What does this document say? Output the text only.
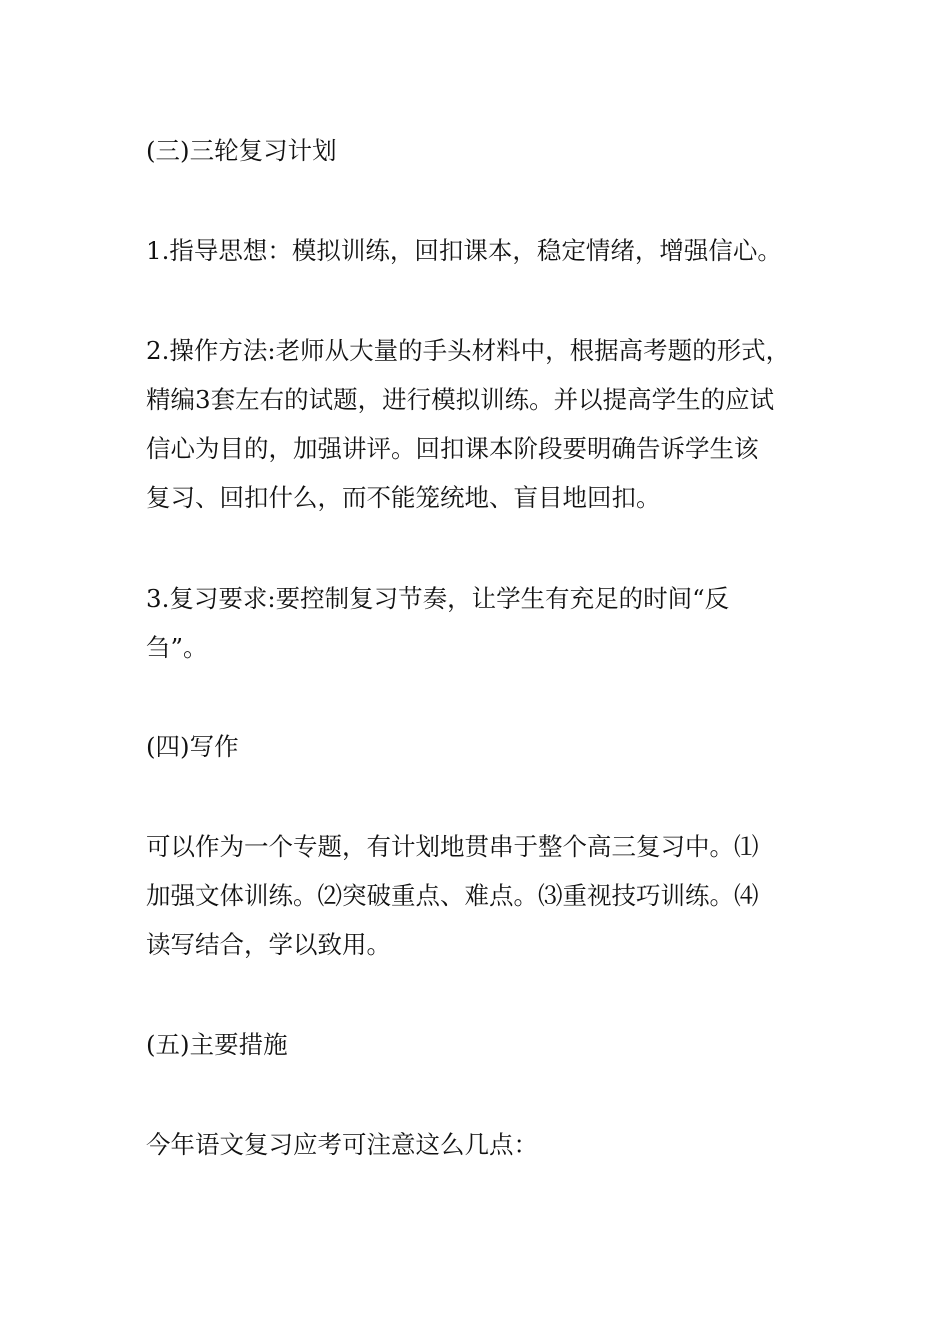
(三)三轮复习计划

1.指导思想：模拟训练，回扣课本，稳定情绪，增强信心。

2.操作方法:老师从大量的手头材料中，根据高考题的形式，
精编3套左右的试题，进行模拟训练。并以提高学生的应试
信心为目的，加强讲评。回扣课本阶段要明确告诉学生该
复习、回扣什么，而不能笼统地、盲目地回扣。

3.复习要求:要控制复习节奏，让学生有充足的时间“反
刍”。

(四)写作

可以作为一个专题，有计划地贯串于整个高三复习中。⑴
加强文体训练。⑵突破重点、难点。⑶重视技巧训练。⑷
读写结合，学以致用。

(五)主要措施

今年语文复习应考可注意这么几点：
